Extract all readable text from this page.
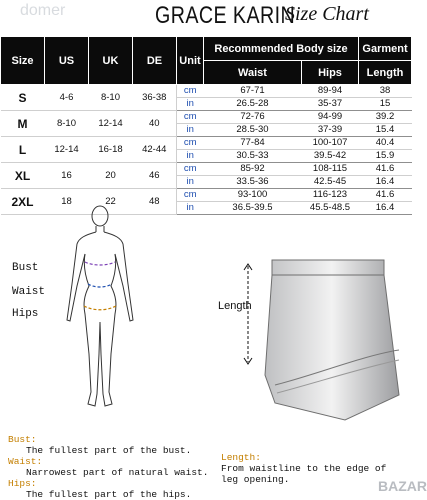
domer	GRACE KARIN
Size Chart
Size	US	UK	DE	Unit	Recommended Body size		Garment
					Waist	Hips	Length
S	4-6	8-10	36-38	cm	67-71	89-94	38
				in	26.5-28	35-37	15
M	8-10	12-14	40	cm	72-76	94-99	39.2
				in	28.5-30	37-39	15.4
L	12-14	16-18	42-44	cm	77-84	100-107	40.4
				in	30.5-33	39.5-42	15.9
XL	16	20	46	cm	85-92	108-115	41.6
				in	33.5-36	42.5-45	16.4
2XL	18	22	48	cm	93-100	116-123	41.6
				in	36.5-39.5	45.5-48.5	16.4
Bust
Waist
Hips
Length
Bust:
The fullest part of the bust.
Waist:
Narrowest part of natural waist.
Hips:
The fullest part of the hips.
Length:
From waistline to the edge of leg opening.	BAZAR
